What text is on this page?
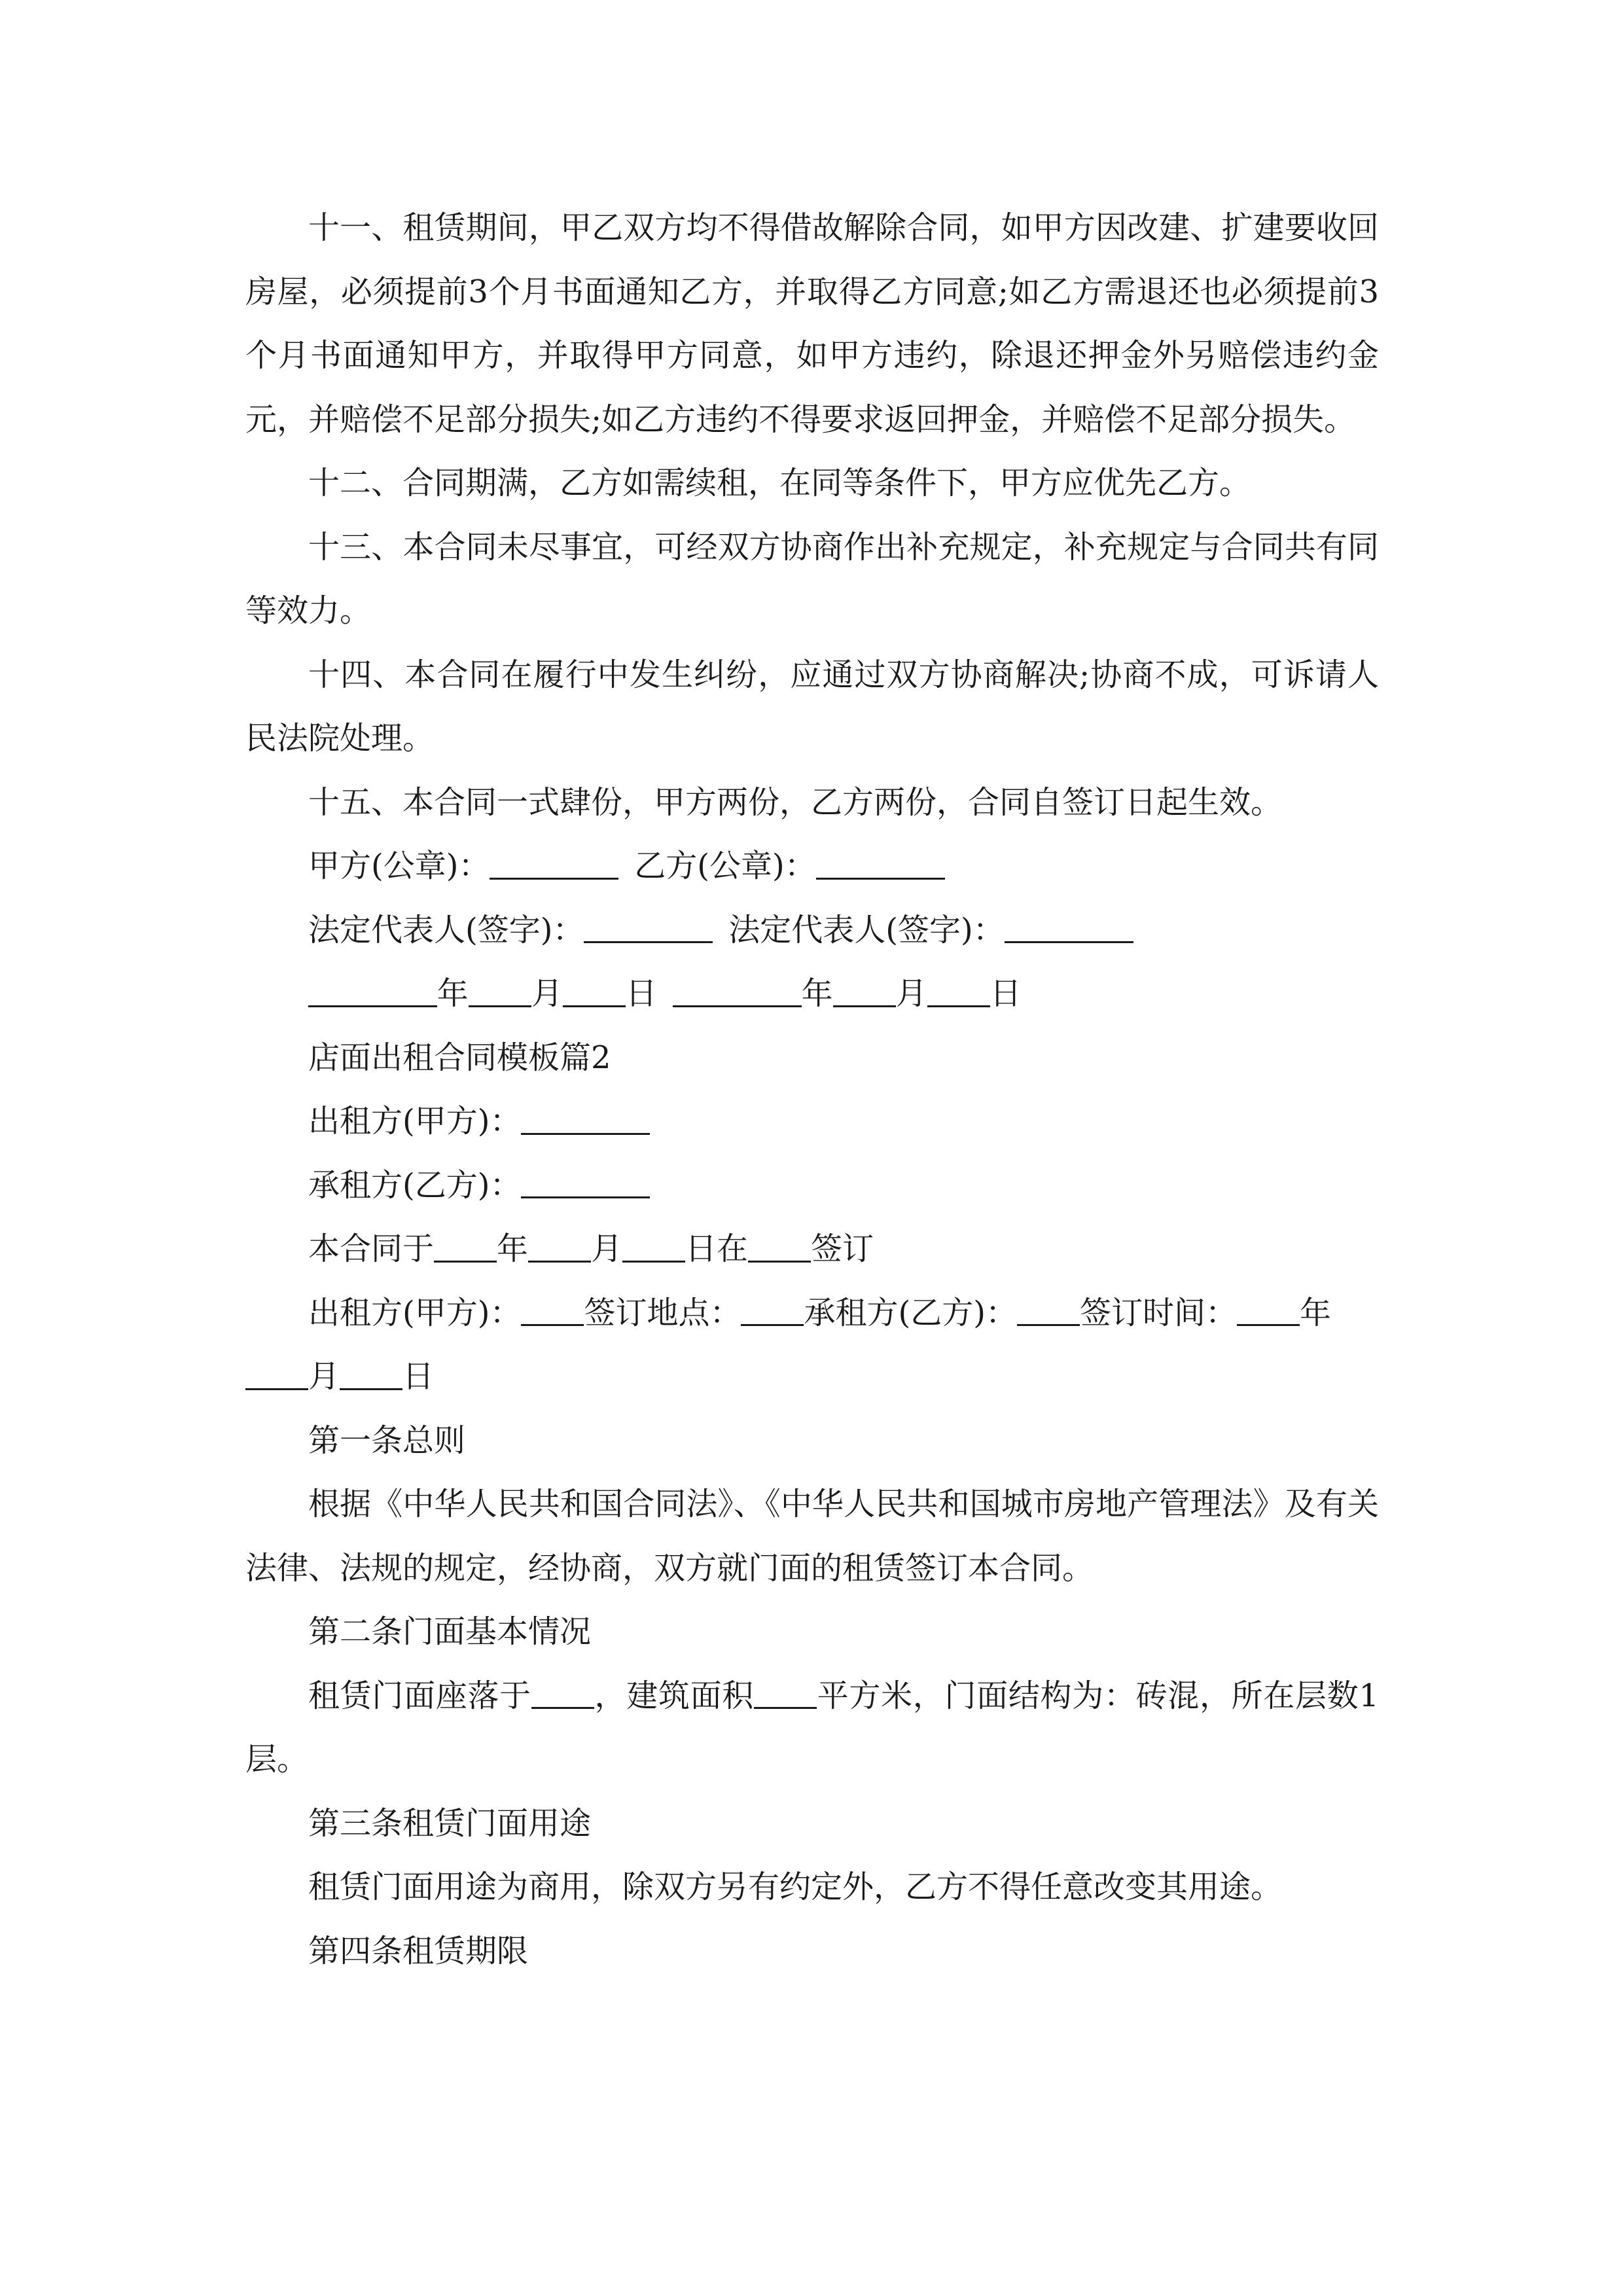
十一、租赁期间，甲乙双方均不得借故解除合同，如甲方因改建、扩建要收回房屋，必须提前3个月书面通知乙方，并取得乙方同意;如乙方需退还也必须提前3个月书面通知甲方，并取得甲方同意，如甲方违约，除退还押金外另赔偿违约金 元，并赔偿不足部分损失;如乙方违约不得要求返回押金，并赔偿不足部分损失。

十二、合同期满，乙方如需续租，在同等条件下，甲方应优先乙方。

十三、本合同未尽事宜，可经双方协商作出补充规定，补充规定与合同共有同等效力。

十四、本合同在履行中发生纠纷，应通过双方协商解决;协商不成，可诉请人民法院处理。

十五、本合同一式肆份，甲方两份，乙方两份，合同自签订日起生效。

甲方(公章)：	乙方(公章)：

法定代表人(签字)：	法定代表人(签字)：

年 月 日	年 月 日

店面出租合同模板篇2

出租方(甲方)：

承租方(乙方)：

本合同于 年 月 日在 签订

出租方(甲方)： 签订地点： 承租方(乙方)： 签订时间： 年

月 日

第一条总则

根据《中华人民共和国合同法》、《中华人民共和国城市房地产管理法》及有关法律、法规的规定，经协商，双方就门面的租赁签订本合同。

第二条门面基本情况

租赁门面座落于 ，建筑面积 平方米，门面结构为：砖混，所在层数1层。

第三条租赁门面用途

租赁门面用途为商用，除双方另有约定外，乙方不得任意改变其用途。

第四条租赁期限
